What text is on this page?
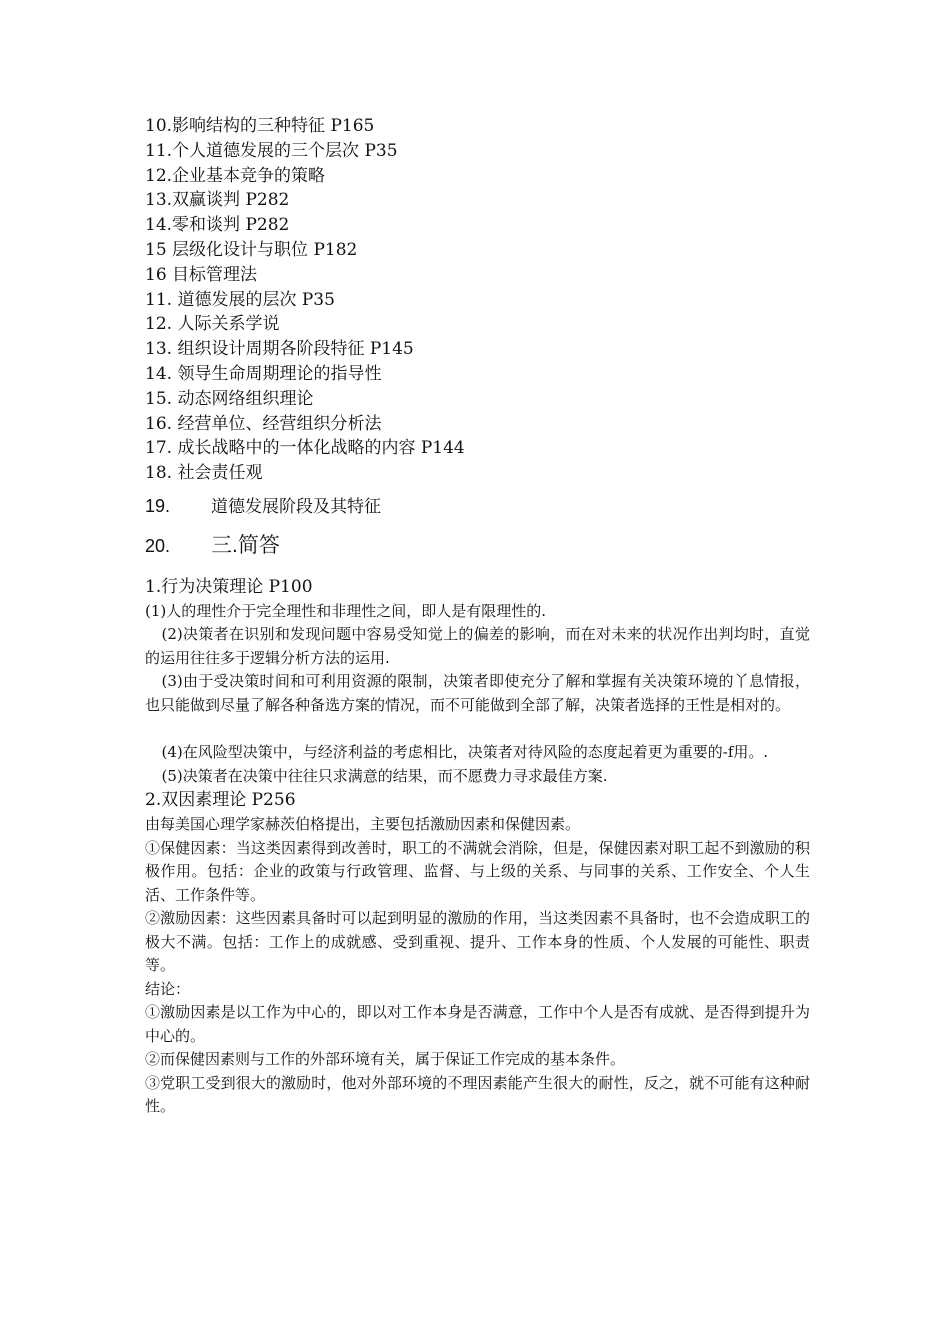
10.影响结构的三种特征 P165
11.个人道德发展的三个层次 P35
12.企业基本竞争的策略
13.双赢谈判 P282
14.零和谈判 P282
15 层级化设计与职位 P182
16 目标管理法
11. 道德发展的层次 P35
12. 人际关系学说
13. 组织设计周期各阶段特征 P145
14. 领导生命周期理论的指导性
15. 动态网络组织理论
16. 经营单位、经营组织分析法
17. 成长战略中的一体化战略的内容 P144
18. 社会责任观
19.	道德发展阶段及其特征
20.	三.简答
1.行为决策理论 P100

(1)人的理性介于完全理性和非理性之间，即人是有限理性的.

(2)决策者在识别和发现问题中容易受知觉上的偏差的影响，而在对未来的状况作出判均时，直觉的运用往往多于逻辑分析方法的运用.

(3)由于受决策时间和可利用资源的限制，决策者即使充分了解和掌握有关决策环境的丫息情报，也只能做到尽量了解各种备选方案的情况，而不可能做到全部了解，决策者选择的王性是相对的。

(4)在风险型决策中，与经济利益的考虑相比，决策者对待风险的态度起着更为重要的-f用。.

(5)决策者在决策中往往只求满意的结果，而不愿费力寻求最佳方案.

2.双因素理论 P256

由每美国心理学家赫茨伯格提出，主要包括激励因素和保健因素。

①保健因素：当这类因素得到改善时，职工的不满就会消除，但是，保健因素对职工起不到激励的积极作用。包括：企业的政策与行政管理、监督、与上级的关系、与同事的关系、工作安全、个人生活、工作条件等。

②激励因素：这些因素具备时可以起到明显的激励的作用，当这类因素不具备时，也不会造成职工的极大不满。包括：工作上的成就感、受到重视、提升、工作本身的性质、个人发展的可能性、职责等。

结论：

①激励因素是以工作为中心的，即以对工作本身是否满意，工作中个人是否有成就、是否得到提升为中心的。

②而保健因素则与工作的外部环境有关，属于保证工作完成的基本条件。

③党职工受到很大的激励时，他对外部环境的不理因素能产生很大的耐性，反之，就不可能有这种耐性。
